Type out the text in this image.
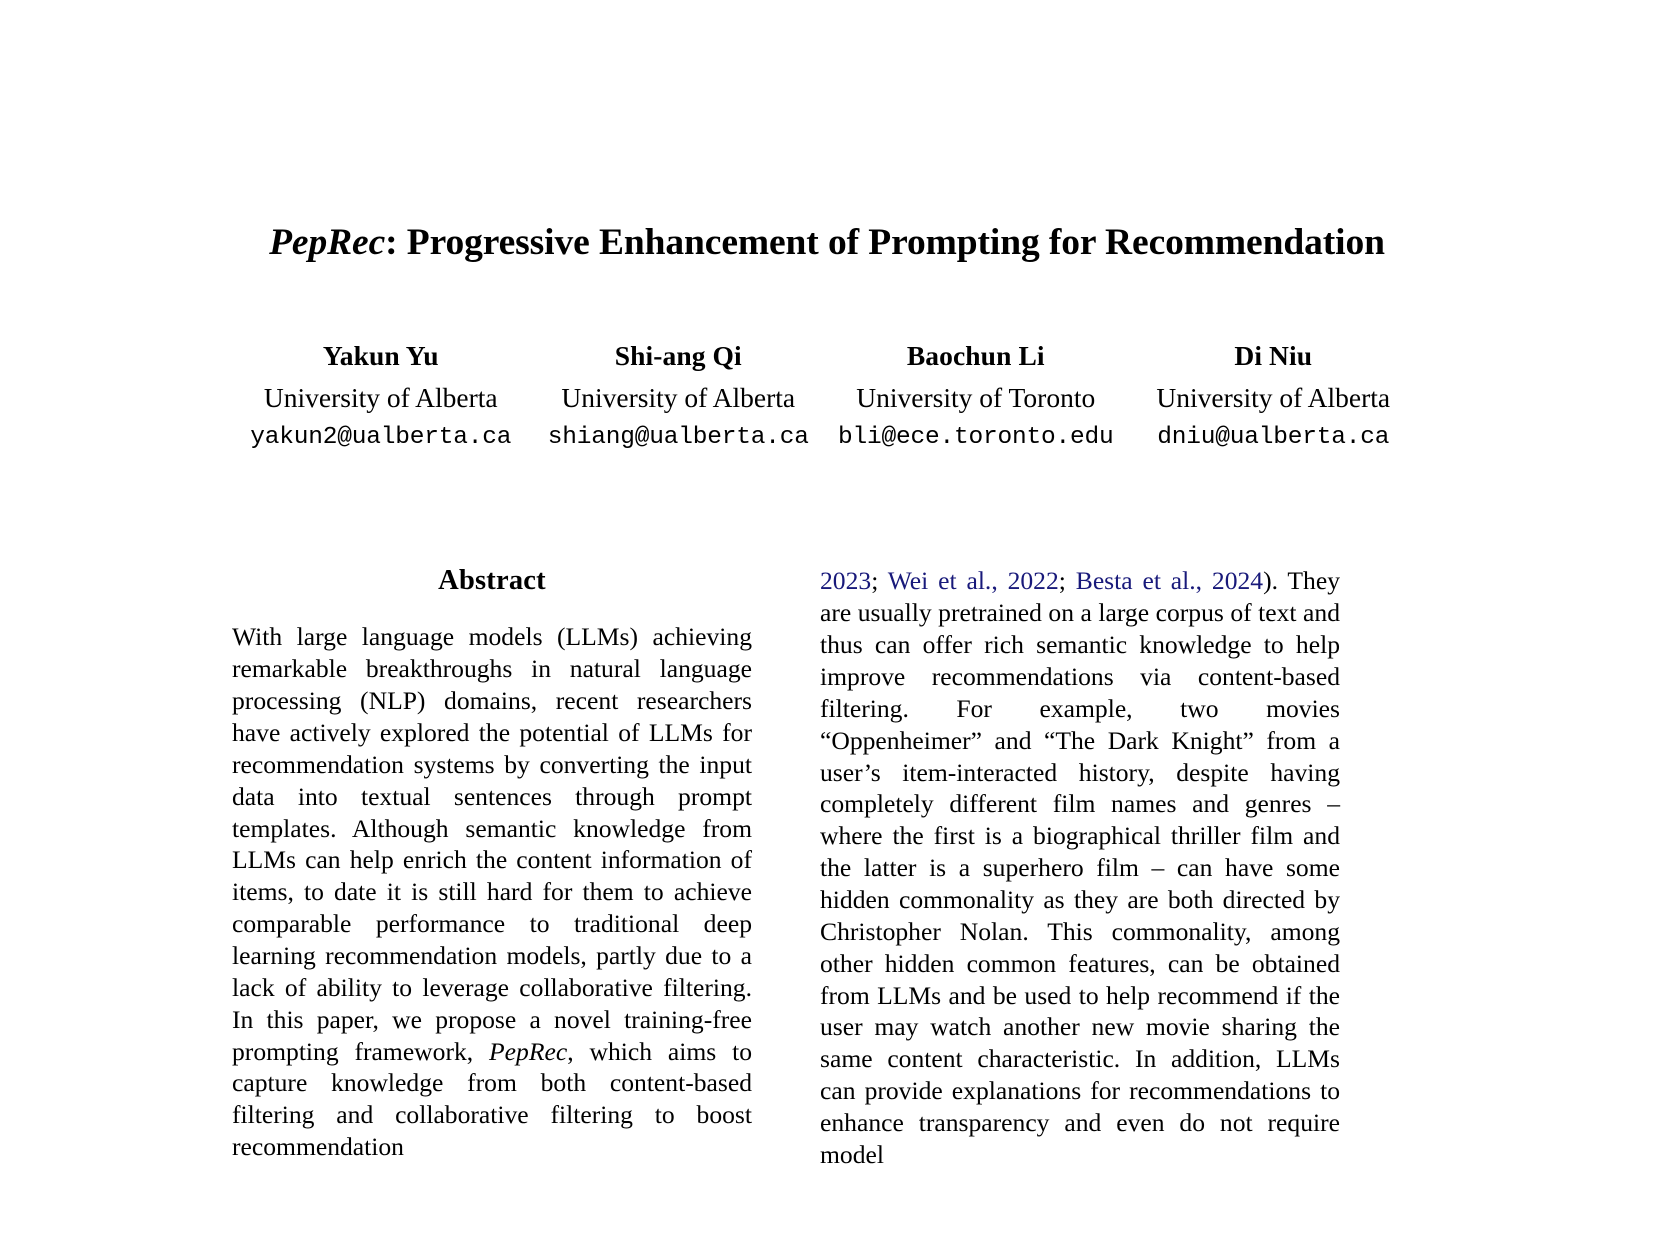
PepRec: Progressive Enhancement of Prompting for Recommendation
Yakun Yu
University of Alberta
yakun2@ualberta.ca
Shi-ang Qi
University of Alberta
shiang@ualberta.ca
Baochun Li
University of Toronto
bli@ece.toronto.edu
Di Niu
University of Alberta
dniu@ualberta.ca
Abstract

With large language models (LLMs) achieving remarkable breakthroughs in natural language processing (NLP) domains, recent researchers have actively explored the potential of LLMs for recommendation systems by converting the input data into textual sentences through prompt templates. Although semantic knowledge from LLMs can help enrich the content information of items, to date it is still hard for them to achieve comparable performance to traditional deep learning recommendation models, partly due to a lack of ability to leverage collaborative filtering. In this paper, we propose a novel training-free prompting framework, PepRec, which aims to capture knowledge from both content-based filtering and collaborative filtering to boost recommendation

2023; Wei et al., 2022; Besta et al., 2024). They are usually pretrained on a large corpus of text and thus can offer rich semantic knowledge to help improve recommendations via content-based filtering. For example, two movies “Oppenheimer” and “The Dark Knight” from a user’s item-interacted history, despite having completely different film names and genres – where the first is a biographical thriller film and the latter is a superhero film – can have some hidden commonality as they are both directed by Christopher Nolan. This commonality, among other hidden common features, can be obtained from LLMs and be used to help recommend if the user may watch another new movie sharing the same content characteristic. In addition, LLMs can provide explanations for recommendations to enhance transparency and even do not require model
